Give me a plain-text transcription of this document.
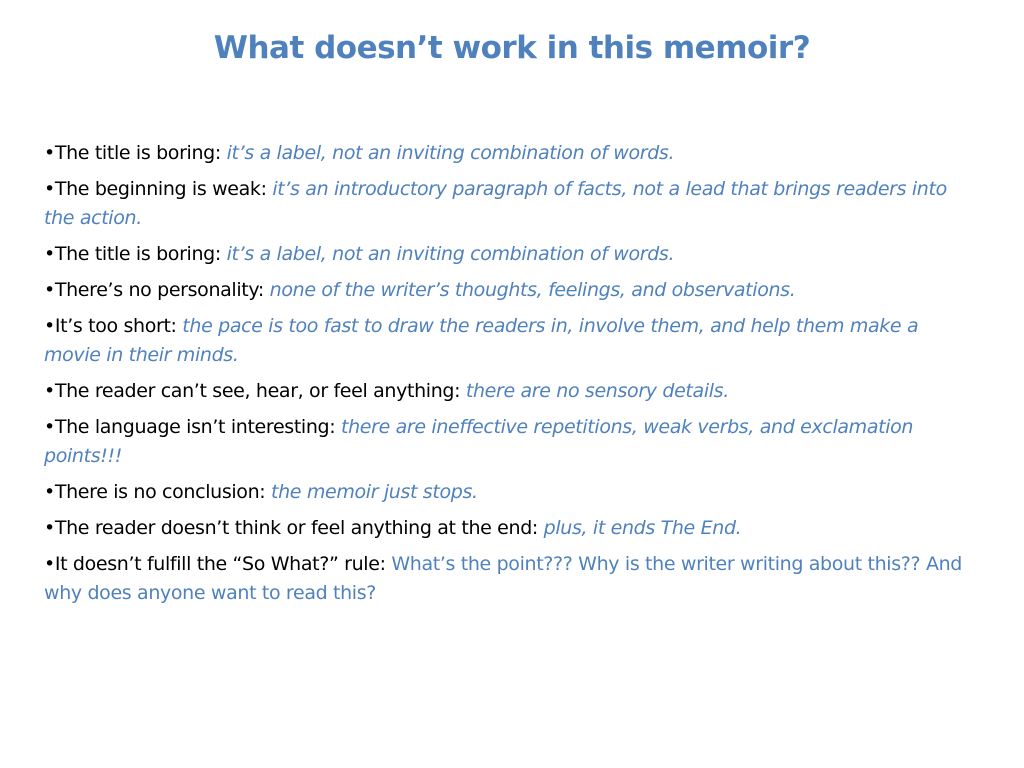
What doesn’t work in this memoir?
•The title is boring: it’s a label, not an inviting combination of words.
•The beginning is weak: it’s an introductory paragraph of facts, not a lead that brings readers into the action.
•The title is boring: it’s a label, not an inviting combination of words.
•There’s no personality: none of the writer’s thoughts, feelings, and observations.
•It’s too short: the pace is too fast to draw the readers in, involve them, and help them make a movie in their minds.
•The reader can’t see, hear, or feel anything: there are no sensory details.
•The language isn’t interesting: there are ineffective repetitions, weak verbs, and exclamation points!!!
•There is no conclusion: the memoir just stops.
•The reader doesn’t think or feel anything at the end: plus, it ends The End.
•It doesn’t fulfill the “So What?” rule: What’s the point??? Why is the writer writing about this?? And why does anyone want to read this?
